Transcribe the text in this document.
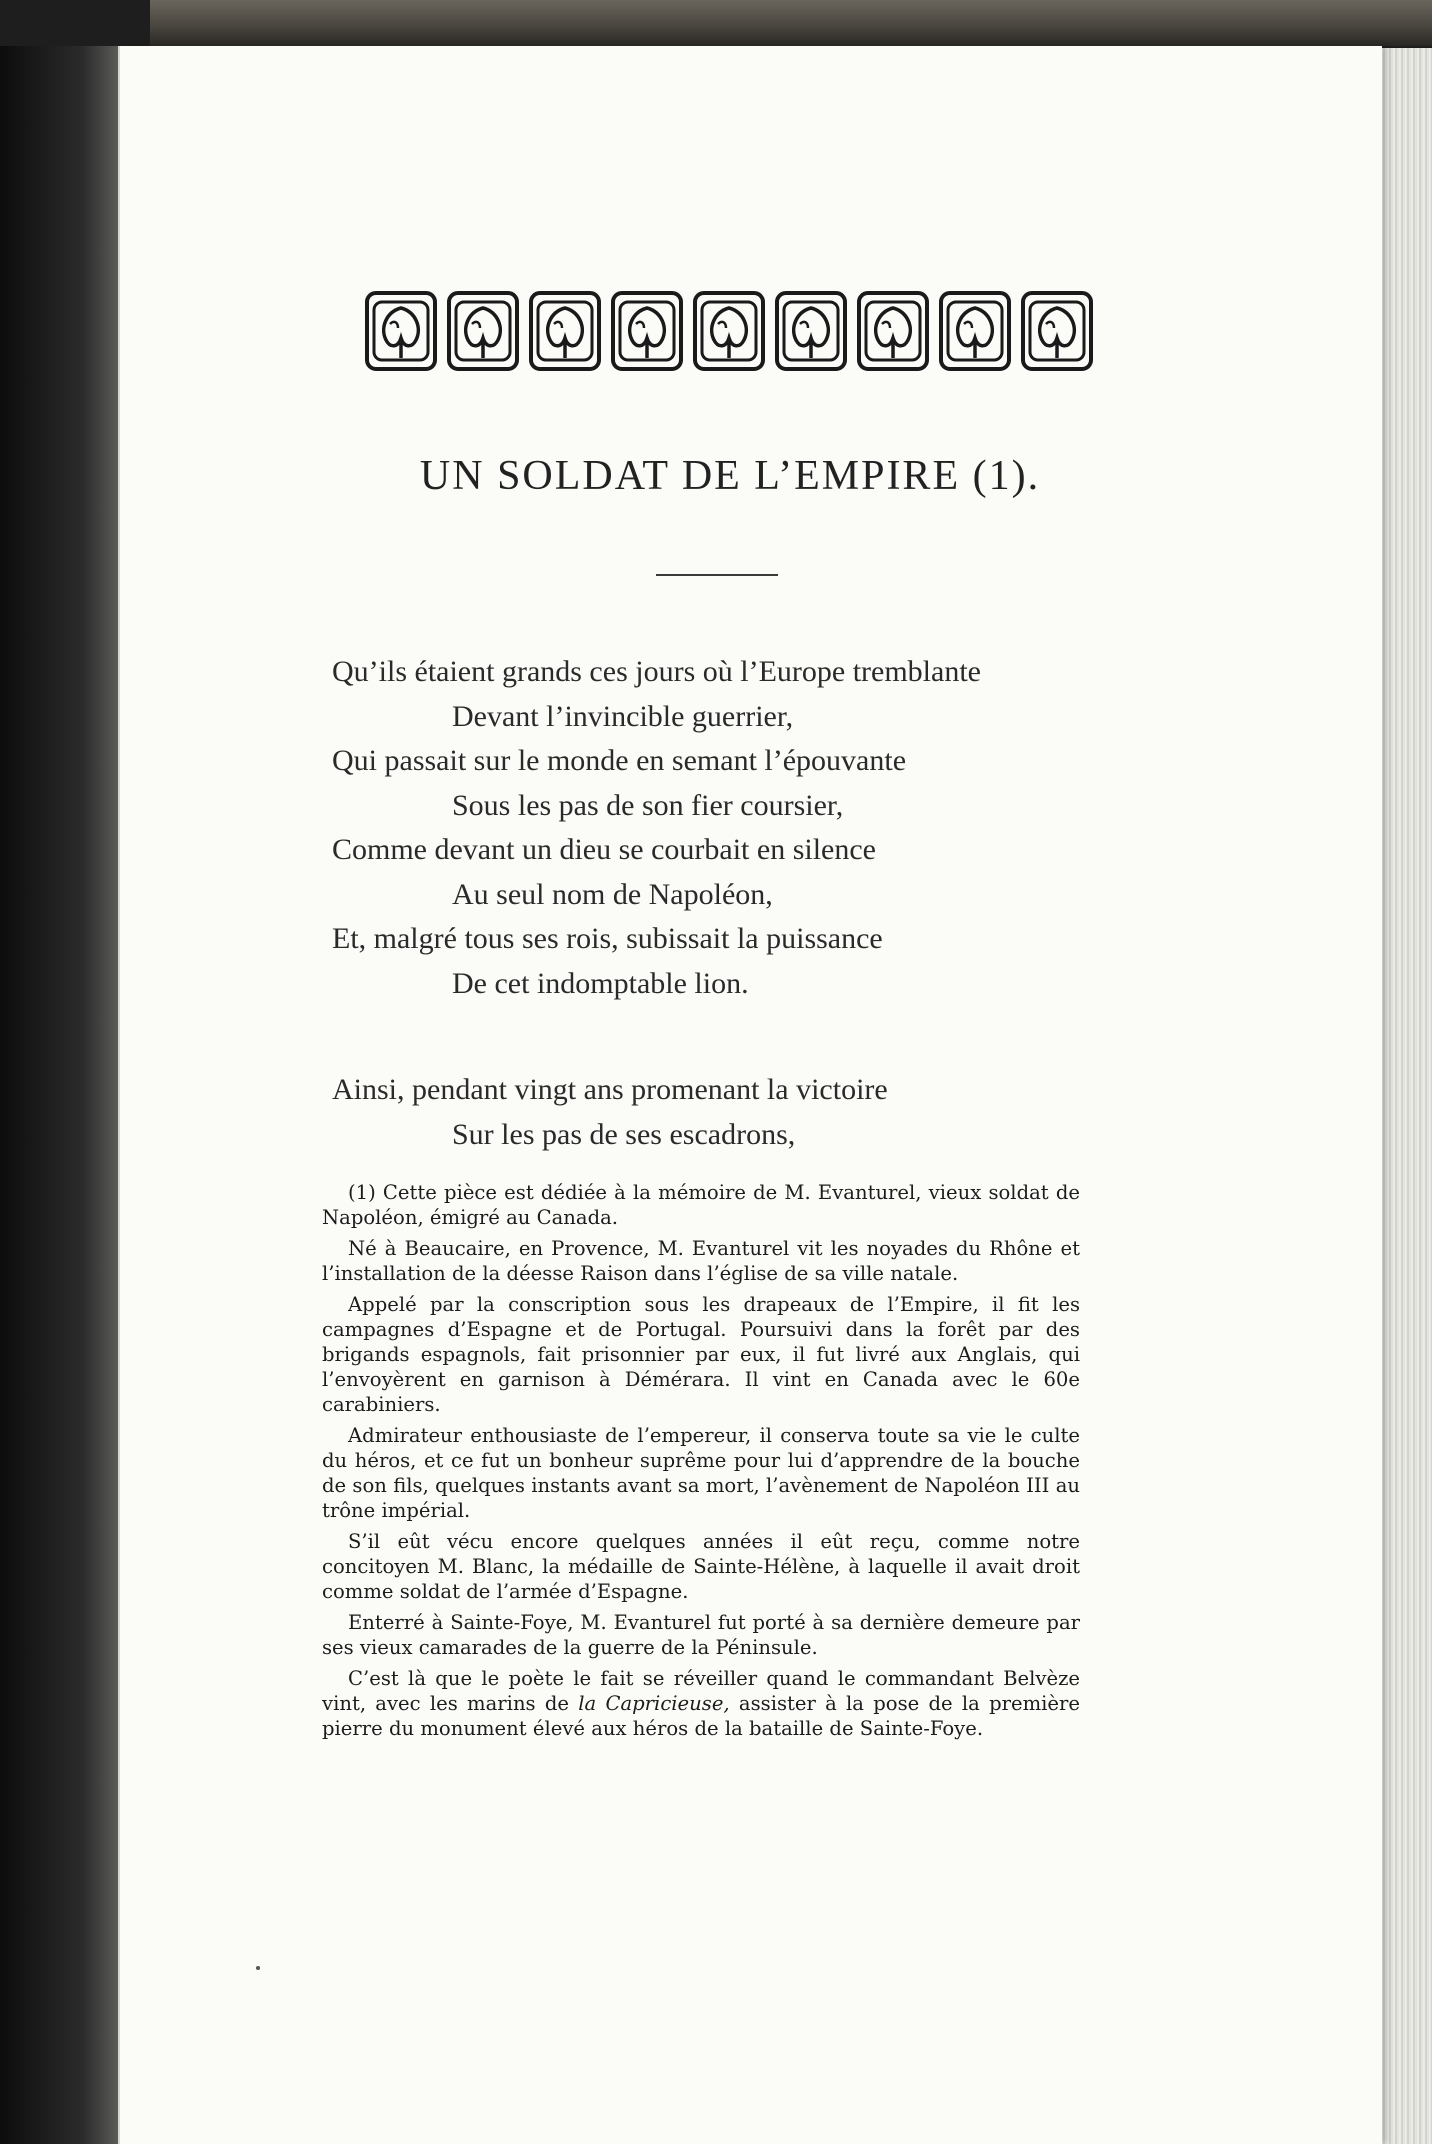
UN SOLDAT DE L’EMPIRE (1).
Qu’ils étaient grands ces jours où l’Europe tremblante
Devant l’invincible guerrier,
Qui passait sur le monde en semant l’épouvante
Sous les pas de son fier coursier,
Comme devant un dieu se courbait en silence
Au seul nom de Napoléon,
Et, malgré tous ses rois, subissait la puissance
De cet indomptable lion.
Ainsi, pendant vingt ans promenant la victoire
Sur les pas de ses escadrons,

(1) Cette pièce est dédiée à la mémoire de M. Evanturel, vieux soldat de Napoléon, émigré au Canada.

Né à Beaucaire, en Provence, M. Evanturel vit les noyades du Rhône et l’installation de la déesse Raison dans l’église de sa ville natale.

Appelé par la conscription sous les drapeaux de l’Empire, il fit les campagnes d’Espagne et de Portugal. Poursuivi dans la forêt par des brigands espagnols, fait prisonnier par eux, il fut livré aux Anglais, qui l’envoyèrent en garnison à Démérara. Il vint en Canada avec le 60e carabiniers.

Admirateur enthousiaste de l’empereur, il conserva toute sa vie le culte du héros, et ce fut un bonheur suprême pour lui d’apprendre de la bouche de son fils, quelques instants avant sa mort, l’avènement de Napoléon III au trône impérial.

S’il eût vécu encore quelques années il eût reçu, comme notre concitoyen M. Blanc, la médaille de Sainte-Hélène, à laquelle il avait droit comme soldat de l’armée d’Espagne.

Enterré à Sainte-Foye, M. Evanturel fut porté à sa dernière demeure par ses vieux camarades de la guerre de la Péninsule.

C’est là que le poète le fait se réveiller quand le commandant Belvèze vint, avec les marins de la Capricieuse, assister à la pose de la première pierre du monument élevé aux héros de la bataille de Sainte-Foye.
